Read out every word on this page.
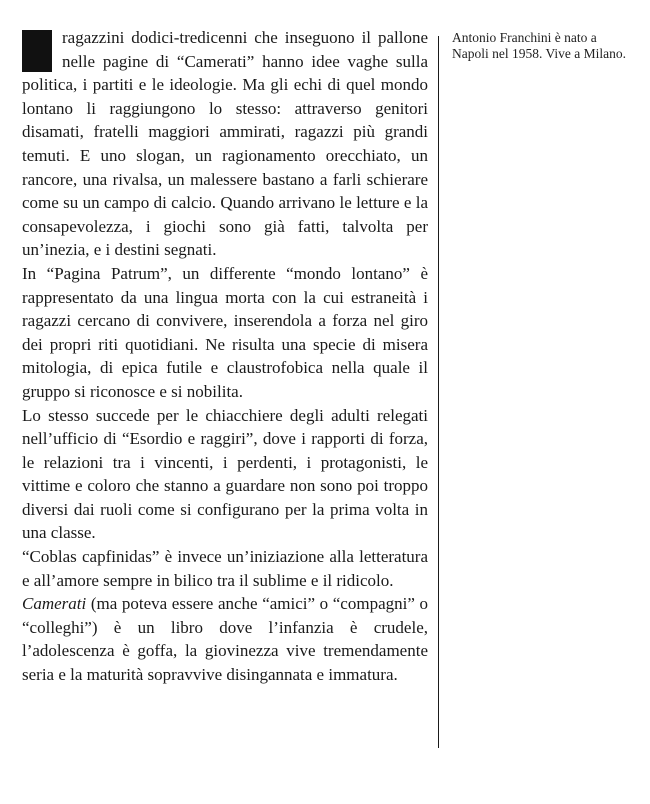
ragazzini dodici-tredicenni che inseguono il pallone nelle pagine di “Camerati” hanno idee vaghe sulla politica, i partiti e le ideologie. Ma gli echi di quel mondo lontano li raggiungono lo stesso: attraverso genitori disamati, fratelli maggiori ammirati, ragazzi più grandi temuti. E uno slogan, un ragionamento orecchiato, un rancore, una rivalsa, un malessere bastano a farli schierare come su un campo di calcio. Quando arrivano le letture e la consapevolezza, i giochi sono già fatti, talvolta per un’inezia, e i destini segnati.

In “Pagina Patrum”, un differente “mondo lontano” è rappresentato da una lingua morta con la cui estraneità i ragazzi cercano di convivere, inserendola a forza nel giro dei propri riti quotidiani. Ne risulta una specie di misera mitologia, di epica futile e claustrofobica nella quale il gruppo si riconosce e si nobilita.

Lo stesso succede per le chiacchiere degli adulti relegati nell’ufficio di “Esordio e raggiri”, dove i rapporti di forza, le relazioni tra i vincenti, i perdenti, i protagonisti, le vittime e coloro che stanno a guardare non sono poi troppo diversi dai ruoli come si configurano per la prima volta in una classe.

“Coblas capfinidas” è invece un’iniziazione alla letteratura e all’amore sempre in bilico tra il sublime e il ridicolo.

Camerati (ma poteva essere anche “amici” o “compagni” o “colleghi”) è un libro dove l’infanzia è crudele, l’adolescenza è goffa, la giovinezza vive tremendamente seria e la maturità sopravvive disingannata e immatura.

Antonio Franchini è nato a Napoli nel 1958. Vive a Milano.
